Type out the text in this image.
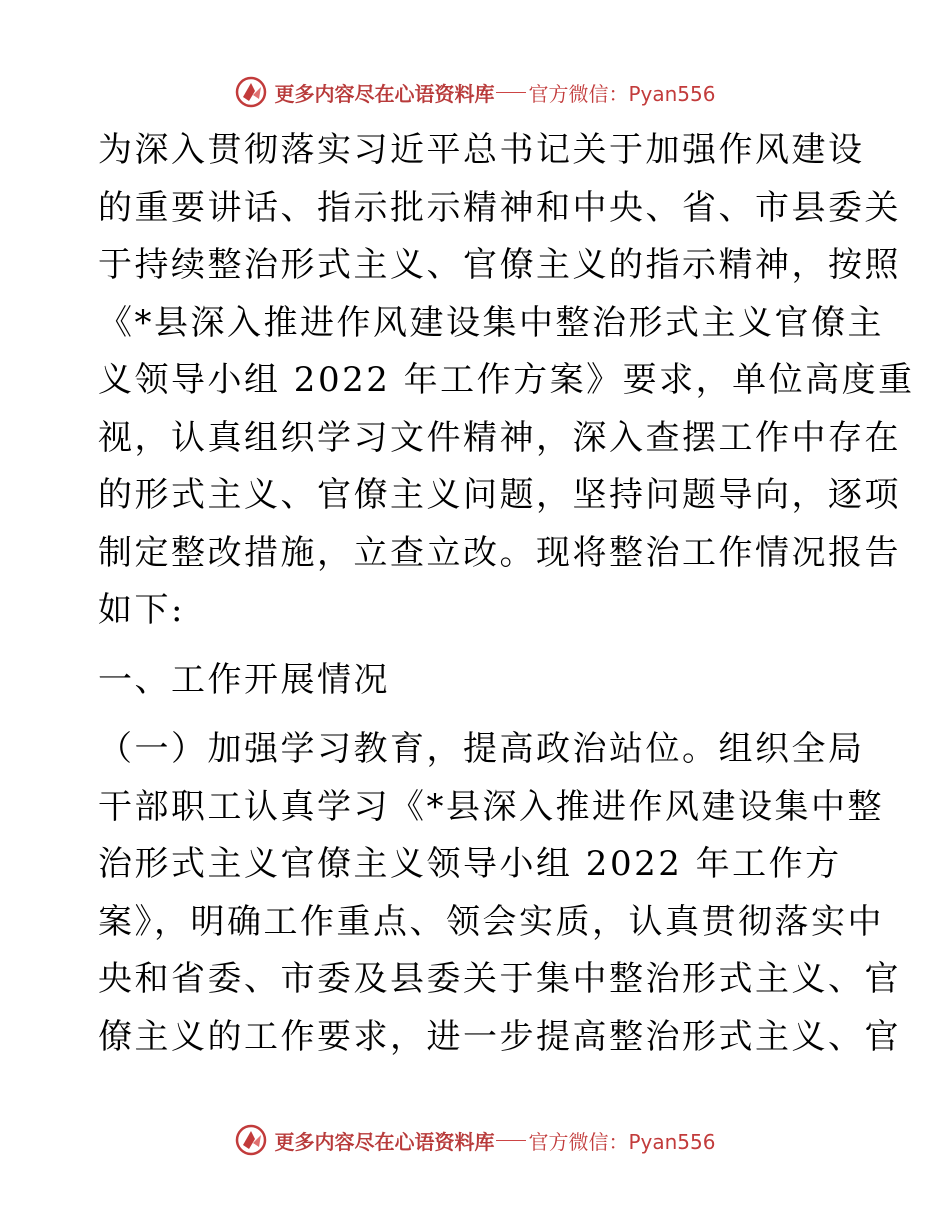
更多内容尽在心语资料库 官方微信：Pyan556
为深入贯彻落实习近平总书记关于加强作风建设
的重要讲话、指示批示精神和中央、省、市县委关
于持续整治形式主义、官僚主义的指示精神，按照
《*县深入推进作风建设集中整治形式主义官僚主
义领导小组 2022 年工作方案》要求，单位高度重
视，认真组织学习文件精神，深入查摆工作中存在
的形式主义、官僚主义问题，坚持问题导向，逐项
制定整改措施，立查立改。现将整治工作情况报告
如下:
一、工作开展情况
（一）加强学习教育，提高政治站位。组织全局
干部职工认真学习《*县深入推进作风建设集中整
治形式主义官僚主义领导小组 2022 年工作方
案》，明确工作重点、领会实质，认真贯彻落实中
央和省委、市委及县委关于集中整治形式主义、官
僚主义的工作要求，进一步提高整治形式主义、官
更多内容尽在心语资料库 官方微信：Pyan556
